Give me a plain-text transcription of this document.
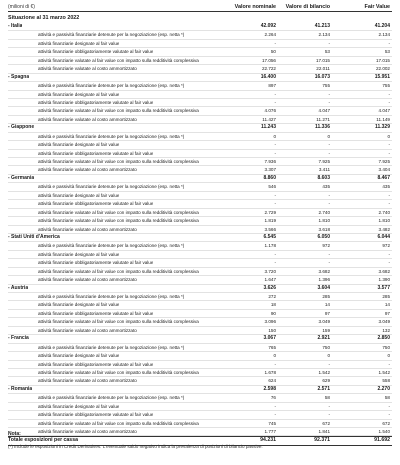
(milioni di €)	Valore nominale	Valore di bilancio	Fair Value
Situazione al 31 marzo 2022
- Italia	42.092	41.213	41.204
attività e passività finanziarie detenute per la negoziazione (esp. netta *)	2.264	2.134	2.134
attività finanziarie designate al fair value	-	-	-
attività finanziarie obbligatoriamente valutate al fair value	50	53	53
attività finanziarie valutate al fair value con impatto sulla redditività complessiva	17.056	17.015	17.015
attività finanziarie valutate al costo ammortizzato	22.722	22.011	22.002
- Spagna	16.400	16.073	15.951
attività e passività finanziarie detenute per la negoziazione (esp. netta *)	897	755	755
attività finanziarie designate al fair value	-	-	-
attività finanziarie obbligatoriamente valutate al fair value	-	-	-
attività finanziarie valutate al fair value con impatto sulla redditività complessiva	4.076	4.047	4.047
attività finanziarie valutate al costo ammortizzato	11.427	11.271	11.149
- Giappone	11.243	11.336	11.329
attività e passività finanziarie detenute per la negoziazione (esp. netta *)	0	0	0
attività finanziarie designate al fair value	-	-	-
attività finanziarie obbligatoriamente valutate al fair value	-	-	-
attività finanziarie valutate al fair value con impatto sulla redditività complessiva	7.936	7.925	7.925
attività finanziarie valutate al costo ammortizzato	3.307	3.411	3.404
- Germania	8.860	8.603	8.467
attività e passività finanziarie detenute per la negoziazione (esp. netta *)	546	435	435
attività finanziarie designate al fair value	-	-	-
attività finanziarie obbligatoriamente valutate al fair value	-	-	-
attività finanziarie valutate al fair value con impatto sulla redditività complessiva	2.729	2.740	2.740
attività finanziarie valutate al fair value con impatto sulla redditività complessiva	1.819	1.810	1.810
attività finanziarie valutate al costo ammortizzato	3.566	3.618	3.482
- Stati Uniti d'America	6.545	6.050	6.044
attività e passività finanziarie detenute per la negoziazione (esp. netta *)	1.178	972	972
attività finanziarie designate al fair value	-	-	-
attività finanziarie obbligatoriamente valutate al fair value	-	-	-
attività finanziarie valutate al fair value con impatto sulla redditività complessiva	3.720	3.682	3.682
attività finanziarie valutate al costo ammortizzato	1.647	1.396	1.390
- Austria	3.626	3.604	3.577
attività e passività finanziarie detenute per la negoziazione (esp. netta *)	272	285	285
attività finanziarie designate al fair value	18	14	14
attività finanziarie obbligatoriamente valutate al fair value	90	97	97
attività finanziarie valutate al fair value con impatto sulla redditività complessiva	3.096	3.049	3.049
attività finanziarie valutate al costo ammortizzato	150	159	132
- Francia	3.067	2.921	2.850
attività e passività finanziarie detenute per la negoziazione (esp. netta *)	765	750	750
attività finanziarie designate al fair value	0	0	0
attività finanziarie obbligatoriamente valutate al fair value	-	-	-
attività finanziarie valutate al fair value con impatto sulla redditività complessiva	1.678	1.542	1.542
attività finanziarie valutate al costo ammortizzato	624	629	558
- Romania	2.598	2.571	2.270
attività e passività finanziarie detenute per la negoziazione (esp. netta *)	76	58	58
attività finanziarie designate al fair value	-	-	-
attività finanziarie obbligatoriamente valutate al fair value	-	-	-
attività finanziarie valutate al fair value con impatto sulla redditività complessiva	745	672	672
attività finanziarie valutate al costo ammortizzato	1.777	1.841	1.540
Totale esposizioni per cassa	94.231	92.371	91.692
Nota:
(*) Include le esposizioni in Credit Derivatives. L'eventuale saldo negativo indica la prevalenza di posizioni di bilancio passive.
